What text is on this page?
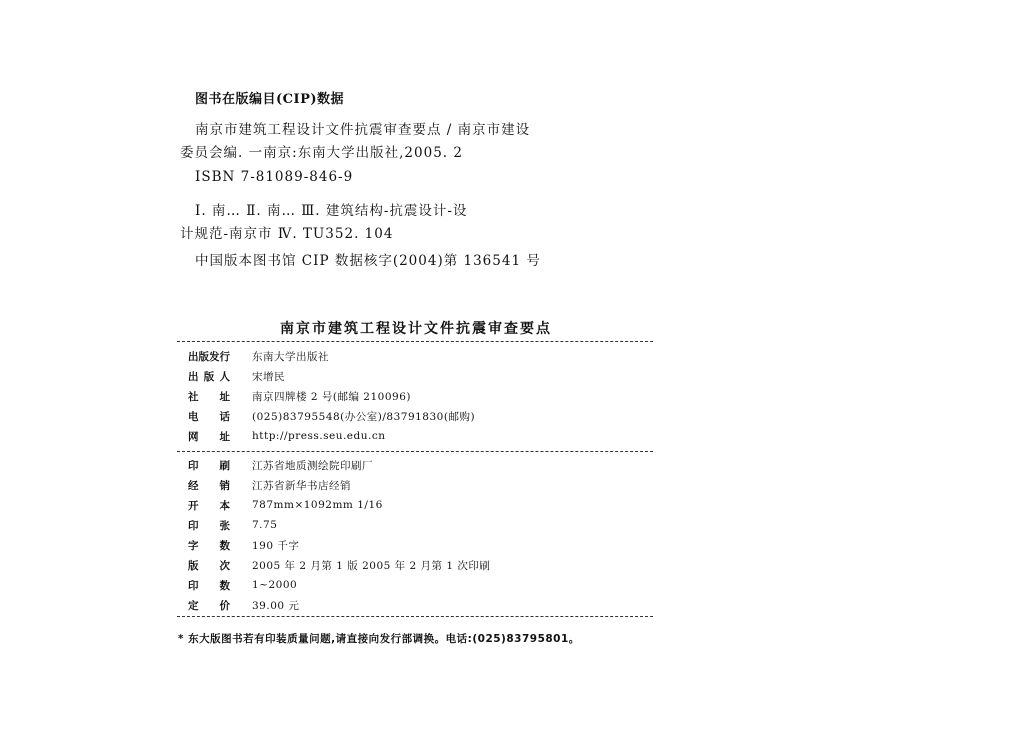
图书在版编目(CIP)数据
南京市建筑工程设计文件抗震审查要点 / 南京市建设
委员会编. 一南京:东南大学出版社,2005. 2
ISBN 7-81089-846-9
Ⅰ. 南… Ⅱ. 南… Ⅲ. 建筑结构-抗震设计-设
计规范-南京市 Ⅳ. TU352. 104
中国版本图书馆 CIP 数据核字(2004)第 136541 号
南京市建筑工程设计文件抗震审查要点
出 版 发 行 东南大学出版社
出 版 人 宋增民
社 址 南京四牌楼 2 号(邮编 210096)
电 话 (025)83795548(办公室)/83791830(邮购)
网 址 http://press.seu.edu.cn
印 刷 江苏省地质测绘院印刷厂
经 销 江苏省新华书店经销
开 本 787mm×1092mm 1/16
印 张 7.75
字 数 190 千字
版 次 2005 年 2 月第 1 版 2005 年 2 月第 1 次印刷
印 数 1~2000
定 价 39.00 元
* 东大版图书若有印装质量问题,请直接向发行部调换。电话:(025)83795801。
